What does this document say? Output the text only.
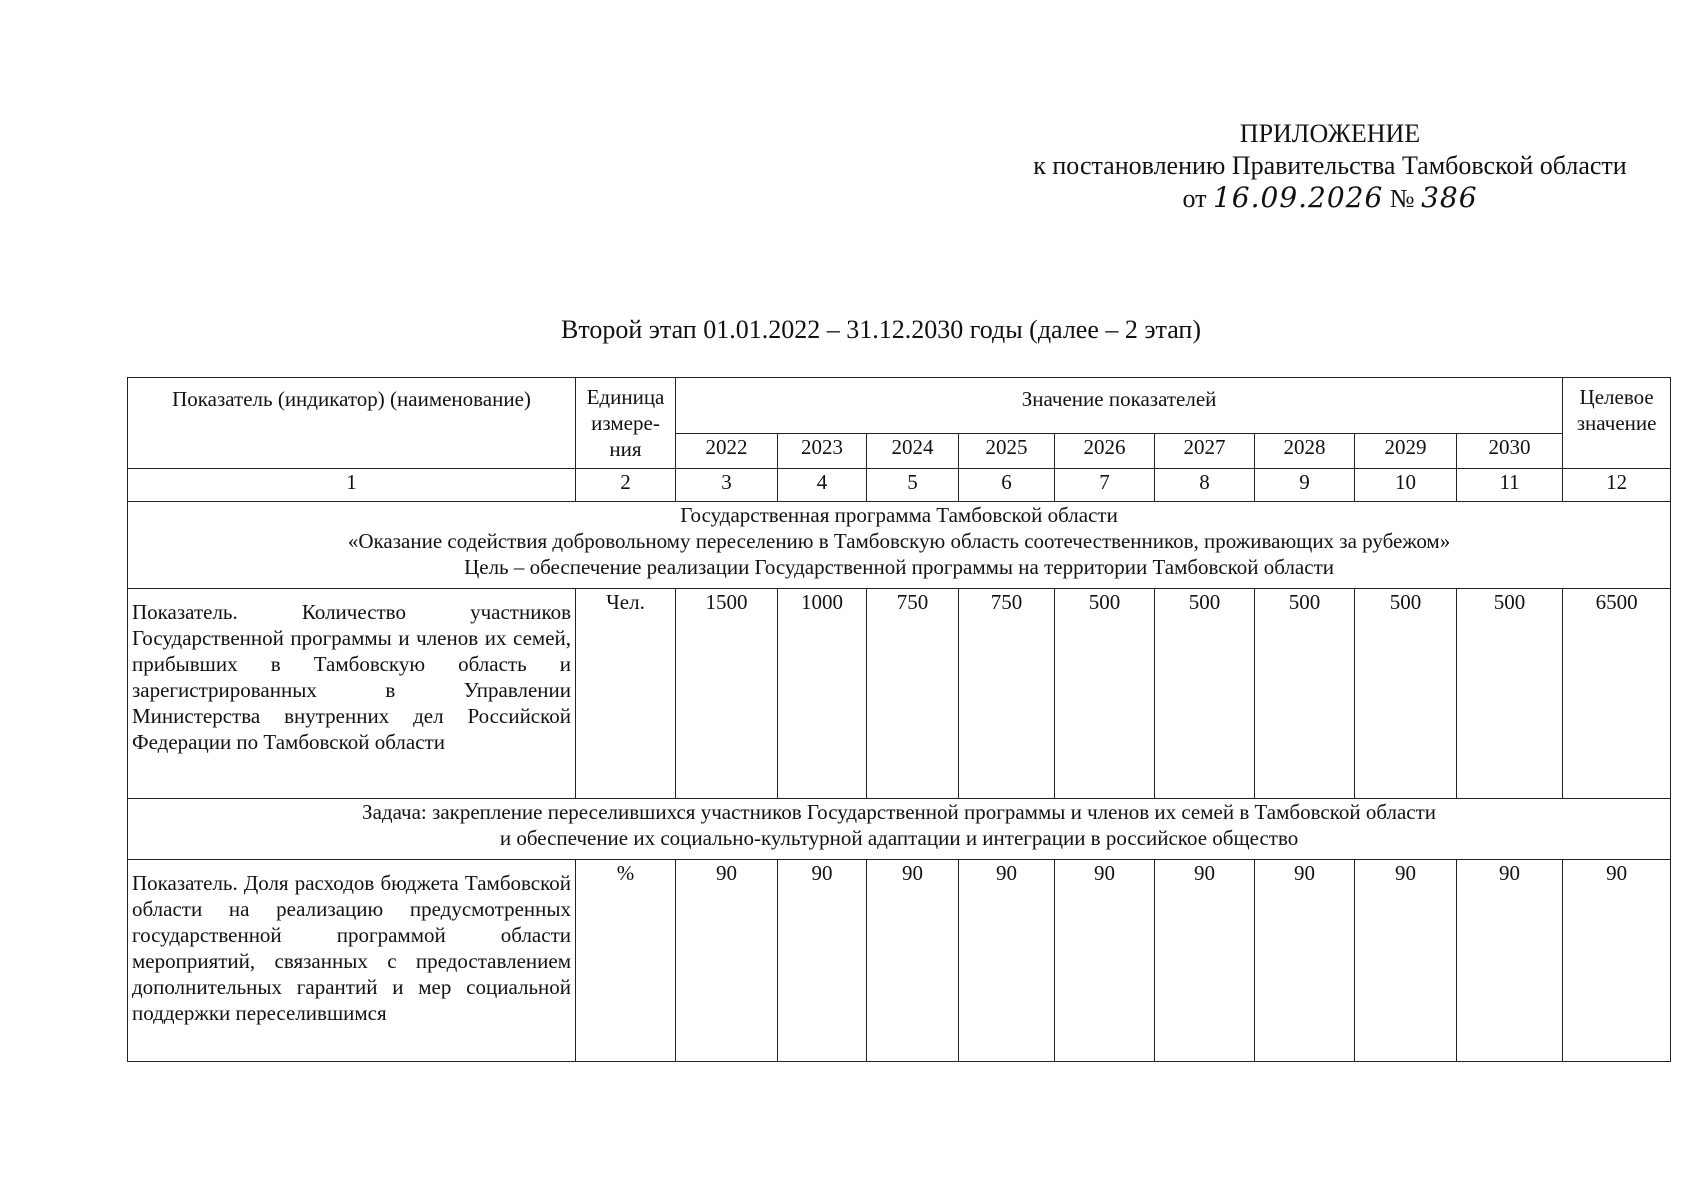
ПРИЛОЖЕНИЕ
к постановлению Правительства Тамбовской области
от 16.09.2026 № 386
Второй этап 01.01.2022 – 31.12.2030 годы (далее – 2 этап)
Показатель (индикатор) (наименование)	Единица измере-ния	Значение показателей									Целевое значение
		2022	2023	2024	2025	2026	2027	2028	2029	2030	
1	2	3	4	5	6	7	8	9	10	11	12

Государственная программа Тамбовской области
«Оказание содействия добровольному переселению в Тамбовскую область соотечественников, проживающих за рубежом»
Цель – обеспечение реализации Государственной программы на территории Тамбовской области											

Показатель. Количество участников Государственной программы и членов их семей, прибывших в Тамбовскую область и зарегистрированных в Управлении Министерства внутренних дел Российской Федерации по Тамбовской области	Чел.	1500	1000	750	750	500	500	500	500	500	6500

Задача: закрепление переселившихся участников Государственной программы и членов их семей в Тамбовской области
и обеспечение их социально-культурной адаптации и интеграции в российское общество											

Показатель. Доля расходов бюджета Тамбовской области на реализацию предусмотренных государственной программой области мероприятий, связанных с предоставлением дополнительных гарантий и мер социальной поддержки переселившимся	%	90	90	90	90	90	90	90	90	90	90
